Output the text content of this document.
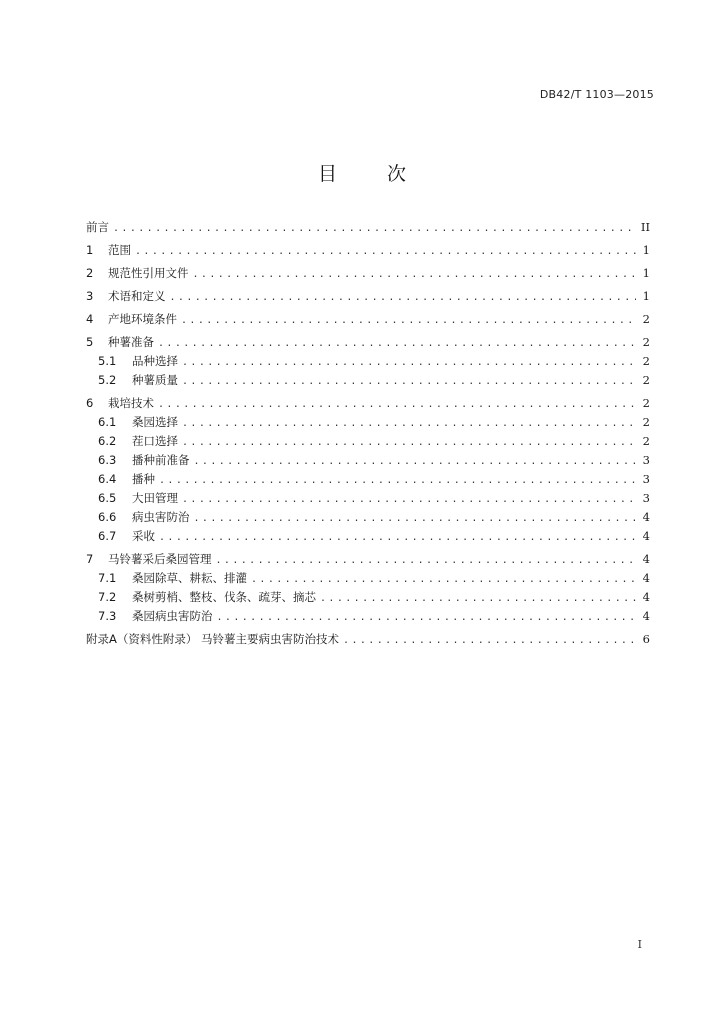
DB42/T 1103—2015
目 次
前言 .....	II
1	范围 .....	1
2	规范性引用文件 .....	1
3	术语和定义 .....	1
4	产地环境条件 .....	2
5	种薯准备 .....	2
5.1	品种选择 .....	2
5.2	种薯质量 .....	2
6	栽培技术 .....	2
6.1	桑园选择 .....	2
6.2	茬口选择 .....	2
6.3	播种前准备 .....	3
6.4	播种 .....	3
6.5	大田管理 .....	3
6.6	病虫害防治 .....	4
6.7	采收 .....	4
7	马铃薯采后桑园管理 .....	4
7.1	桑园除草、耕耘、排灌 .....	4
7.2	桑树剪梢、整枝、伐条、疏芽、摘芯 .....	4
7.3	桑园病虫害防治 .....	4
附录A（资料性附录） 马铃薯主要病虫害防治技术 .....	6
I
